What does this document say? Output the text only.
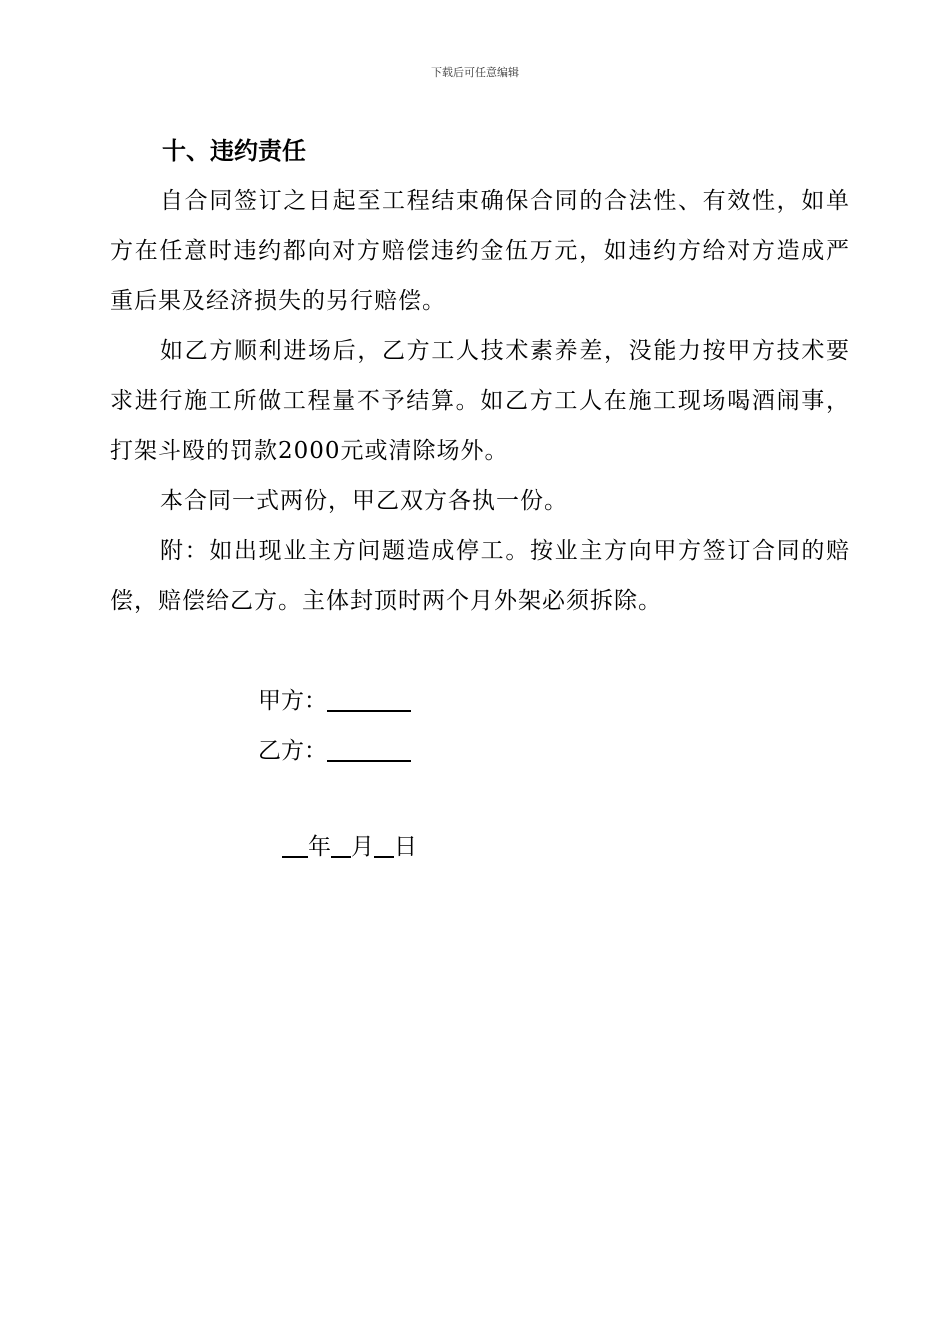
下载后可任意编辑
十、违约责任

自合同签订之日起至工程结束确保合同的合法性、有效性，如单方在任意时违约都向对方赔偿违约金伍万元，如违约方给对方造成严重后果及经济损失的另行赔偿。

如乙方顺利进场后，乙方工人技术素养差，没能力按甲方技术要求进行施工所做工程量不予结算。如乙方工人在施工现场喝酒闹事，打架斗殴的罚款2000元或清除场外。

本合同一式两份，甲乙双方各执一份。

附：如出现业主方问题造成停工。按业主方向甲方签订合同的赔偿，赔偿给乙方。主体封顶时两个月外架必须拆除。

甲方：
乙方：
年 月 日
